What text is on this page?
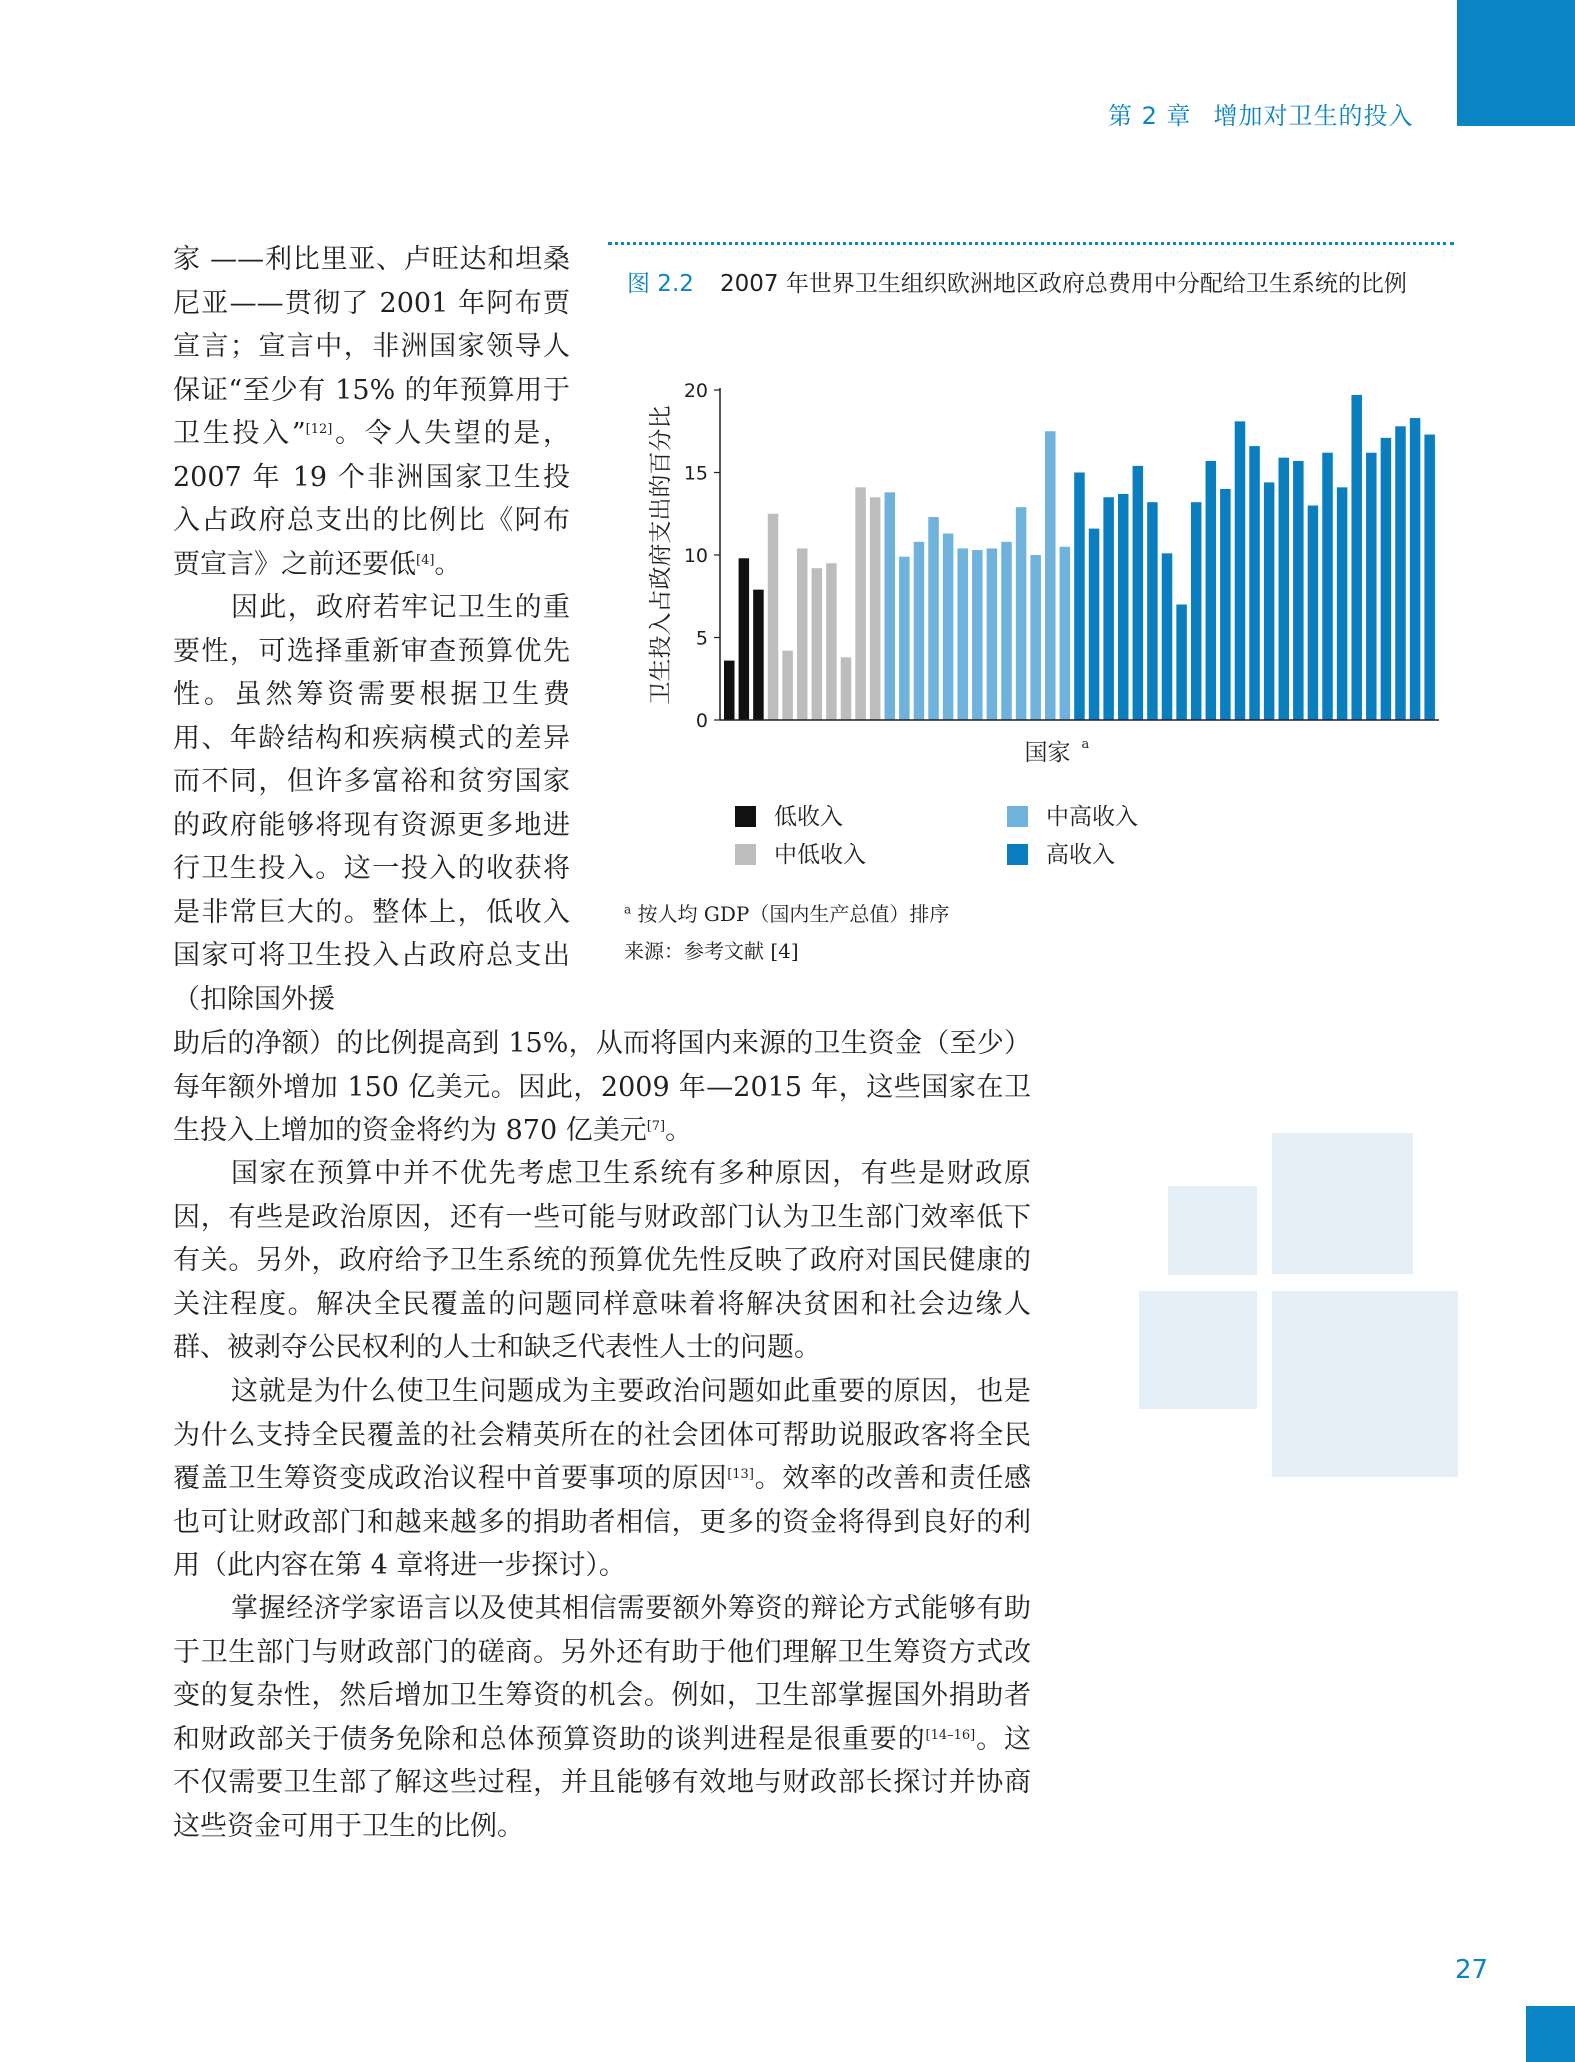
第 2 章 增加对卫生的投入
家 ——利比里亚、卢旺达和坦桑尼亚——贯彻了 2001 年阿布贾宣言；宣言中，非洲国家领导人保证“至少有 15% 的年预算用于卫生投入”[12]。令人失望的是，2007 年 19 个非洲国家卫生投入占政府总支出的比例比《阿布贾宣言》之前还要低[4]。
因此，政府若牢记卫生的重要性，可选择重新审查预算优先性。虽然筹资需要根据卫生费用、年龄结构和疾病模式的差异而不同，但许多富裕和贫穷国家的政府能够将现有资源更多地进行卫生投入。这一投入的收获将是非常巨大的。整体上，低收入国家可将卫生投入占政府总支出（扣除国外援
助后的净额）的比例提高到 15%，从而将国内来源的卫生资金（至少）每年额外增加 150 亿美元。因此，2009 年—2015 年，这些国家在卫生投入上增加的资金将约为 870 亿美元[7]。
国家在预算中并不优先考虑卫生系统有多种原因，有些是财政原因，有些是政治原因，还有一些可能与财政部门认为卫生部门效率低下有关。另外，政府给予卫生系统的预算优先性反映了政府对国民健康的关注程度。解决全民覆盖的问题同样意味着将解决贫困和社会边缘人群、被剥夺公民权利的人士和缺乏代表性人士的问题。
这就是为什么使卫生问题成为主要政治问题如此重要的原因，也是为什么支持全民覆盖的社会精英所在的社会团体可帮助说服政客将全民覆盖卫生筹资变成政治议程中首要事项的原因[13]。效率的改善和责任感也可让财政部门和越来越多的捐助者相信，更多的资金将得到良好的利用（此内容在第 4 章将进一步探讨）。
掌握经济学家语言以及使其相信需要额外筹资的辩论方式能够有助于卫生部门与财政部门的磋商。另外还有助于他们理解卫生筹资方式改变的复杂性，然后增加卫生筹资的机会。例如，卫生部掌握国外捐助者和财政部关于债务免除和总体预算资助的谈判进程是很重要的[14–16]。这不仅需要卫生部了解这些过程，并且能够有效地与财政部长探讨并协商这些资金可用于卫生的比例。
图 2.2 2007 年世界卫生组织欧洲地区政府总费用中分配给卫生系统的比例
0
5
10
15
20
卫生投入占政府支出的百分比
国家 a
低收入
中低收入
中高收入
高收入
$^a$ 按人均 GDP（国内生产总值）排序
来源：参考文献 [4]
27
